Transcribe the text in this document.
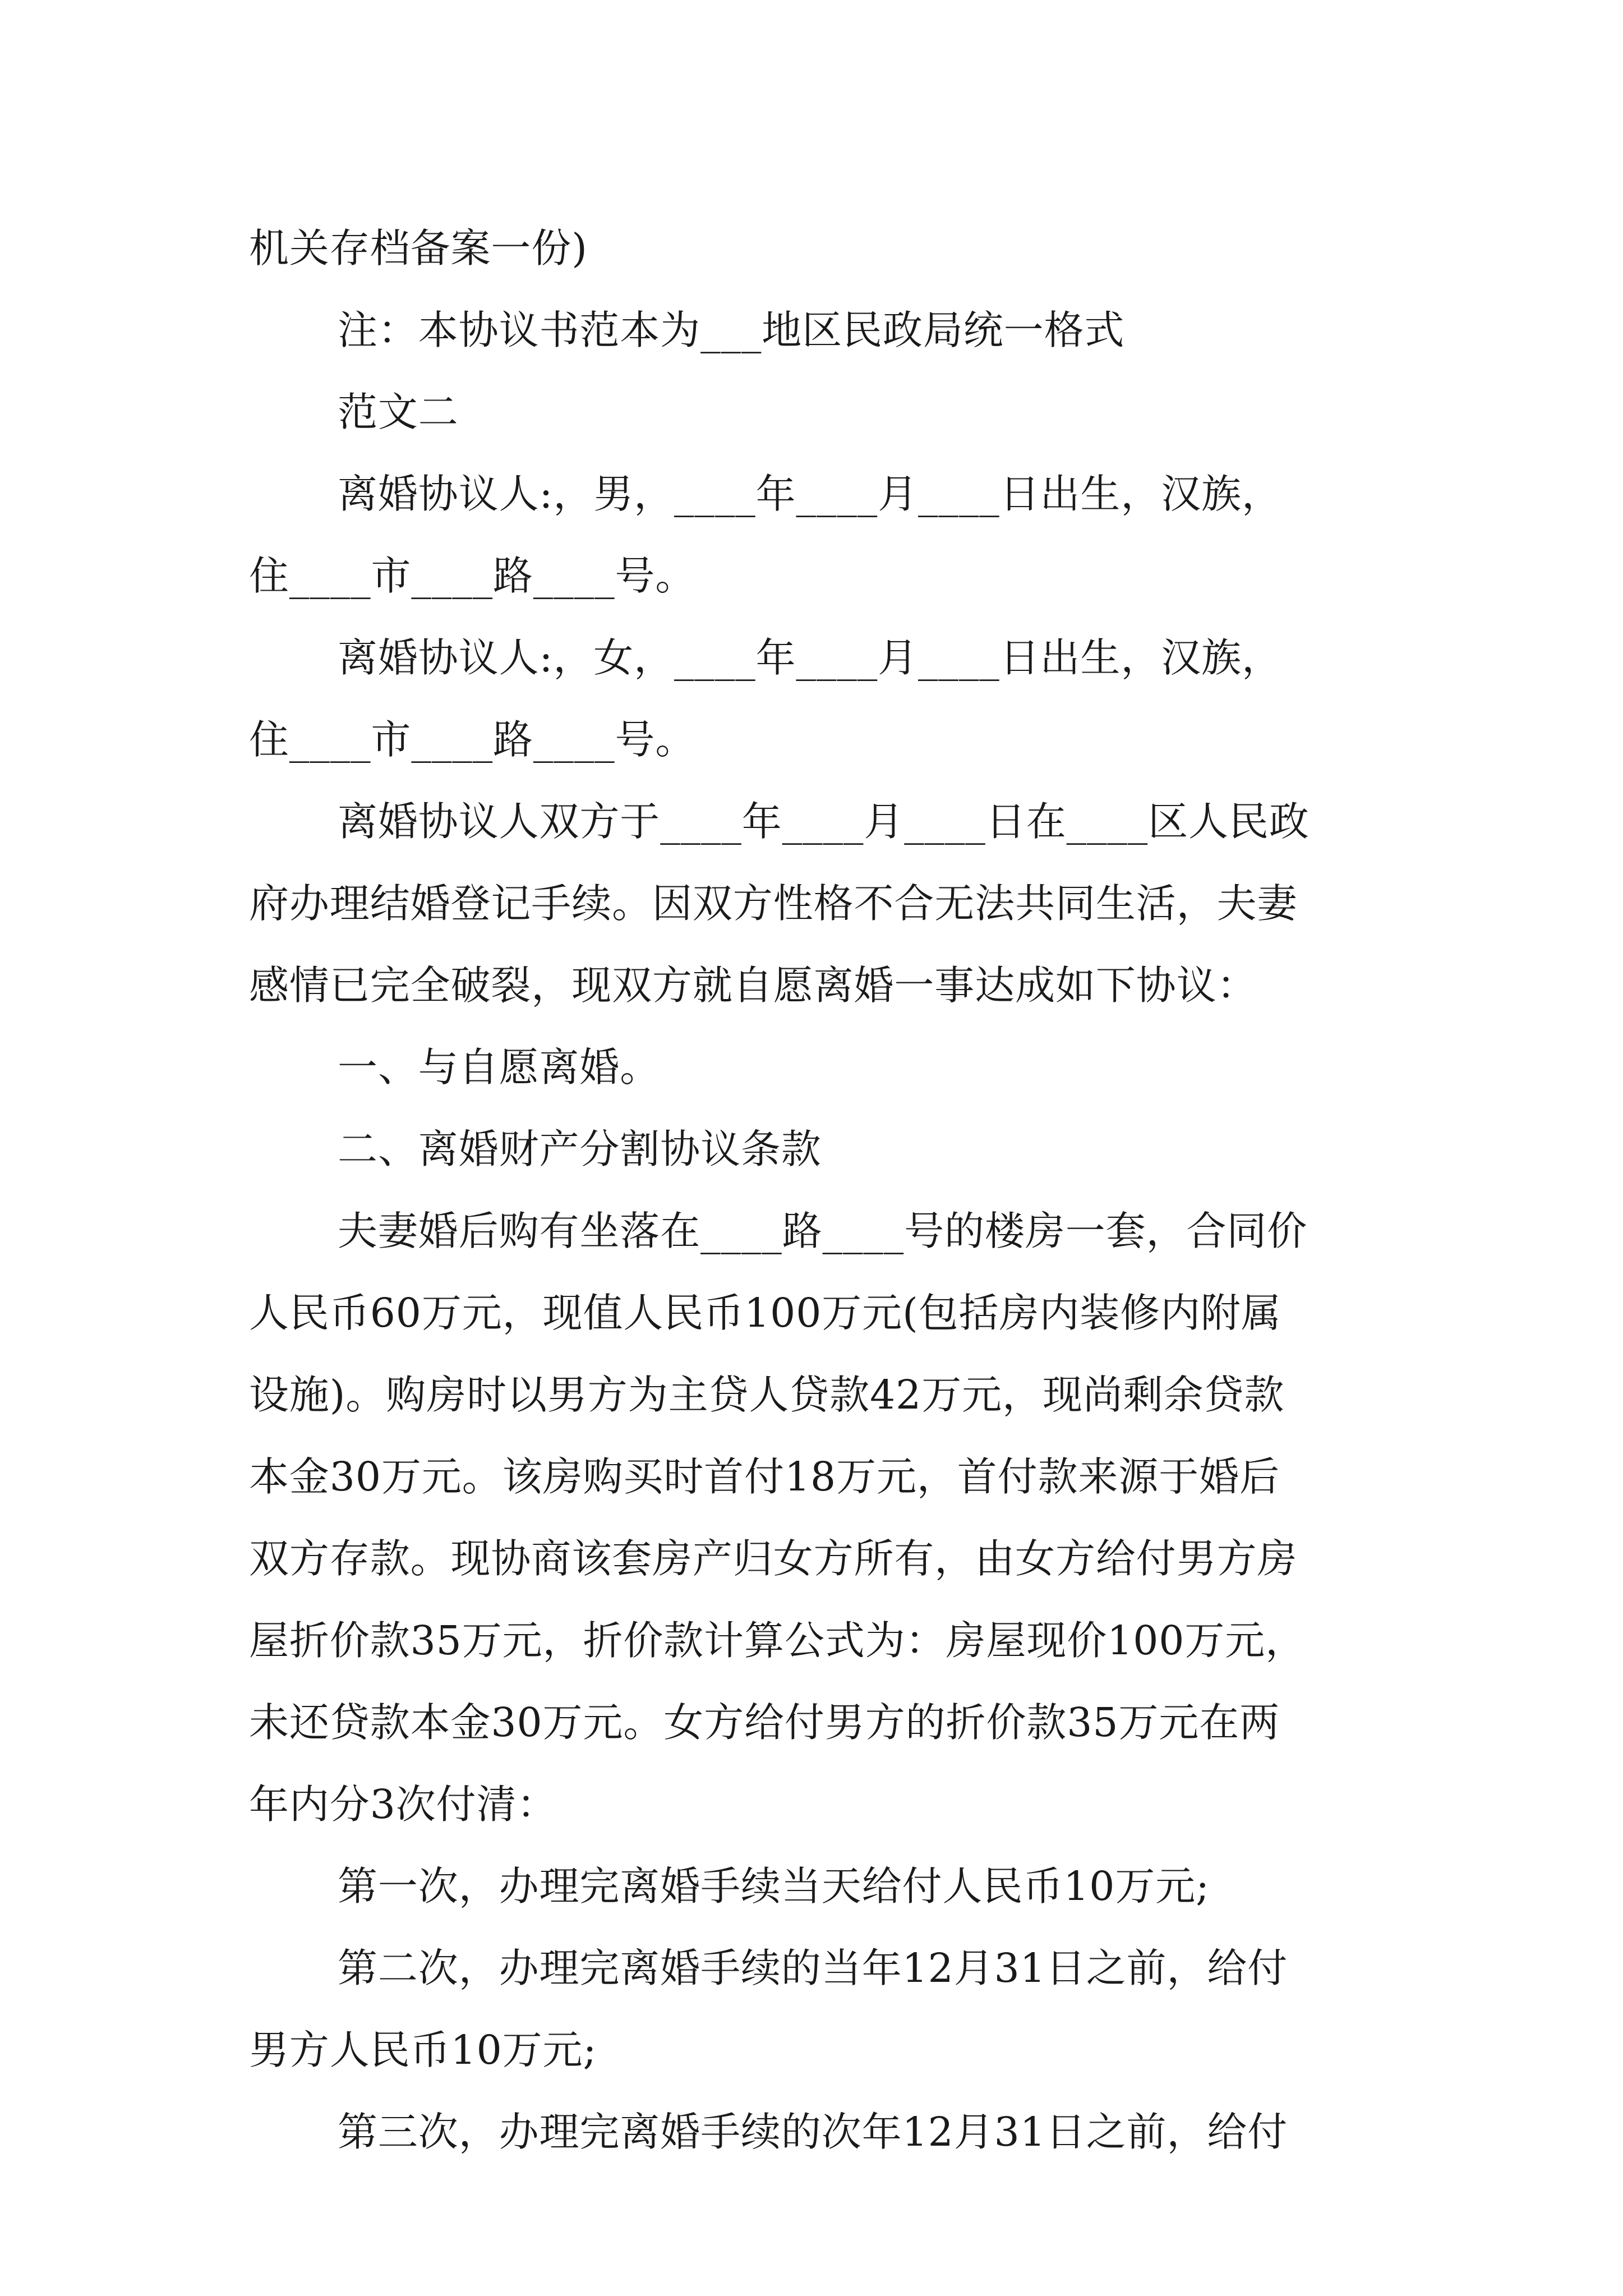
机关存档备案一份)
注：本协议书范本为___地区民政局统一格式
范文二
离婚协议人:，男，____年____月____日出生，汉族，
住____市____路____号。
离婚协议人:，女，____年____月____日出生，汉族，
住____市____路____号。
离婚协议人双方于____年____月____日在____区人民政
府办理结婚登记手续。因双方性格不合无法共同生活，夫妻
感情已完全破裂，现双方就自愿离婚一事达成如下协议：
一、与自愿离婚。
二、离婚财产分割协议条款
夫妻婚后购有坐落在____路____号的楼房一套，合同价
人民币60万元，现值人民币100万元(包括房内装修内附属
设施)。购房时以男方为主贷人贷款42万元，现尚剩余贷款
本金30万元。该房购买时首付18万元，首付款来源于婚后
双方存款。现协商该套房产归女方所有，由女方给付男方房
屋折价款35万元，折价款计算公式为：房屋现价100万元，
未还贷款本金30万元。女方给付男方的折价款35万元在两
年内分3次付清：
第一次，办理完离婚手续当天给付人民币10万元;
第二次，办理完离婚手续的当年12月31日之前，给付
男方人民币10万元;
第三次，办理完离婚手续的次年12月31日之前，给付
